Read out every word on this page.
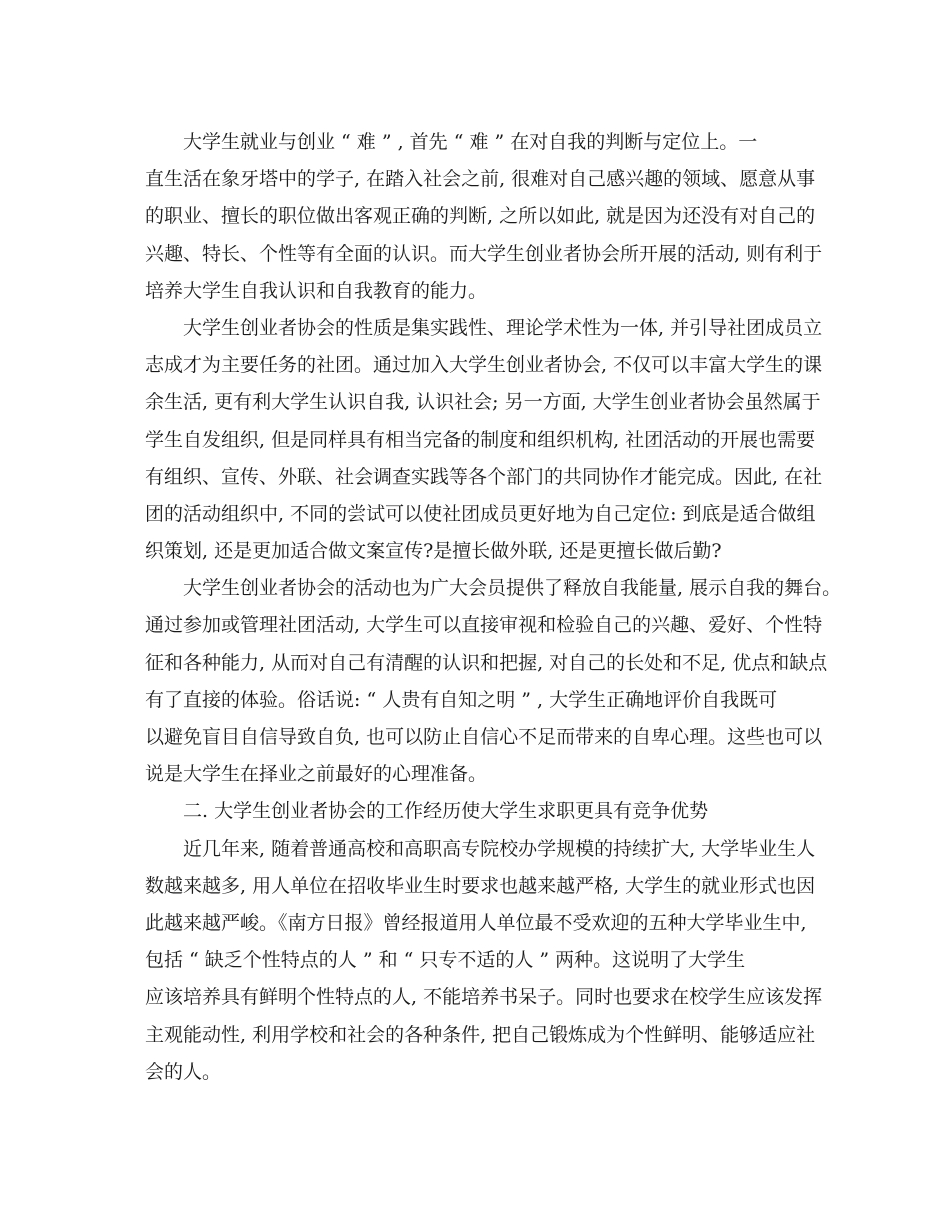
　　大学生就业与创业 “ 难 ” , 首先 “ 难 ” 在对自我的判断与定位上。一
直生活在象牙塔中的学子, 在踏入社会之前, 很难对自己感兴趣的领域、愿意从事
的职业、擅长的职位做出客观正确的判断, 之所以如此, 就是因为还没有对自己的
兴趣、特长、个性等有全面的认识。而大学生创业者协会所开展的活动, 则有利于
培养大学生自我认识和自我教育的能力。
　　大学生创业者协会的性质是集实践性、理论学术性为一体, 并引导社团成员立
志成才为主要任务的社团。通过加入大学生创业者协会, 不仅可以丰富大学生的课
余生活, 更有利大学生认识自我, 认识社会; 另一方面, 大学生创业者协会虽然属于
学生自发组织, 但是同样具有相当完备的制度和组织机构, 社团活动的开展也需要
有组织、宣传、外联、社会调查实践等各个部门的共同协作才能完成。因此, 在社
团的活动组织中, 不同的尝试可以使社团成员更好地为自己定位: 到底是适合做组
织策划, 还是更加适合做文案宣传?是擅长做外联, 还是更擅长做后勤?
　　大学生创业者协会的活动也为广大会员提供了释放自我能量, 展示自我的舞台。
通过参加或管理社团活动, 大学生可以直接审视和检验自己的兴趣、爱好、个性特
征和各种能力, 从而对自己有清醒的认识和把握, 对自己的长处和不足, 优点和缺点
有了直接的体验。俗话说: “ 人贵有自知之明 ” , 大学生正确地评价自我既可
以避免盲目自信导致自负, 也可以防止自信心不足而带来的自卑心理。这些也可以
说是大学生在择业之前最好的心理准备。
　　二. 大学生创业者协会的工作经历使大学生求职更具有竞争优势
　　近几年来, 随着普通高校和高职高专院校办学规模的持续扩大, 大学毕业生人
数越来越多, 用人单位在招收毕业生时要求也越来越严格, 大学生的就业形式也因
此越来越严峻。《南方日报》曾经报道用人单位最不受欢迎的五种大学毕业生中,
包括 “ 缺乏个性特点的人 ” 和 “ 只专不适的人 ” 两种。这说明了大学生
应该培养具有鲜明个性特点的人, 不能培养书呆子。同时也要求在校学生应该发挥
主观能动性, 利用学校和社会的各种条件, 把自己锻炼成为个性鲜明、能够适应社
会的人。
